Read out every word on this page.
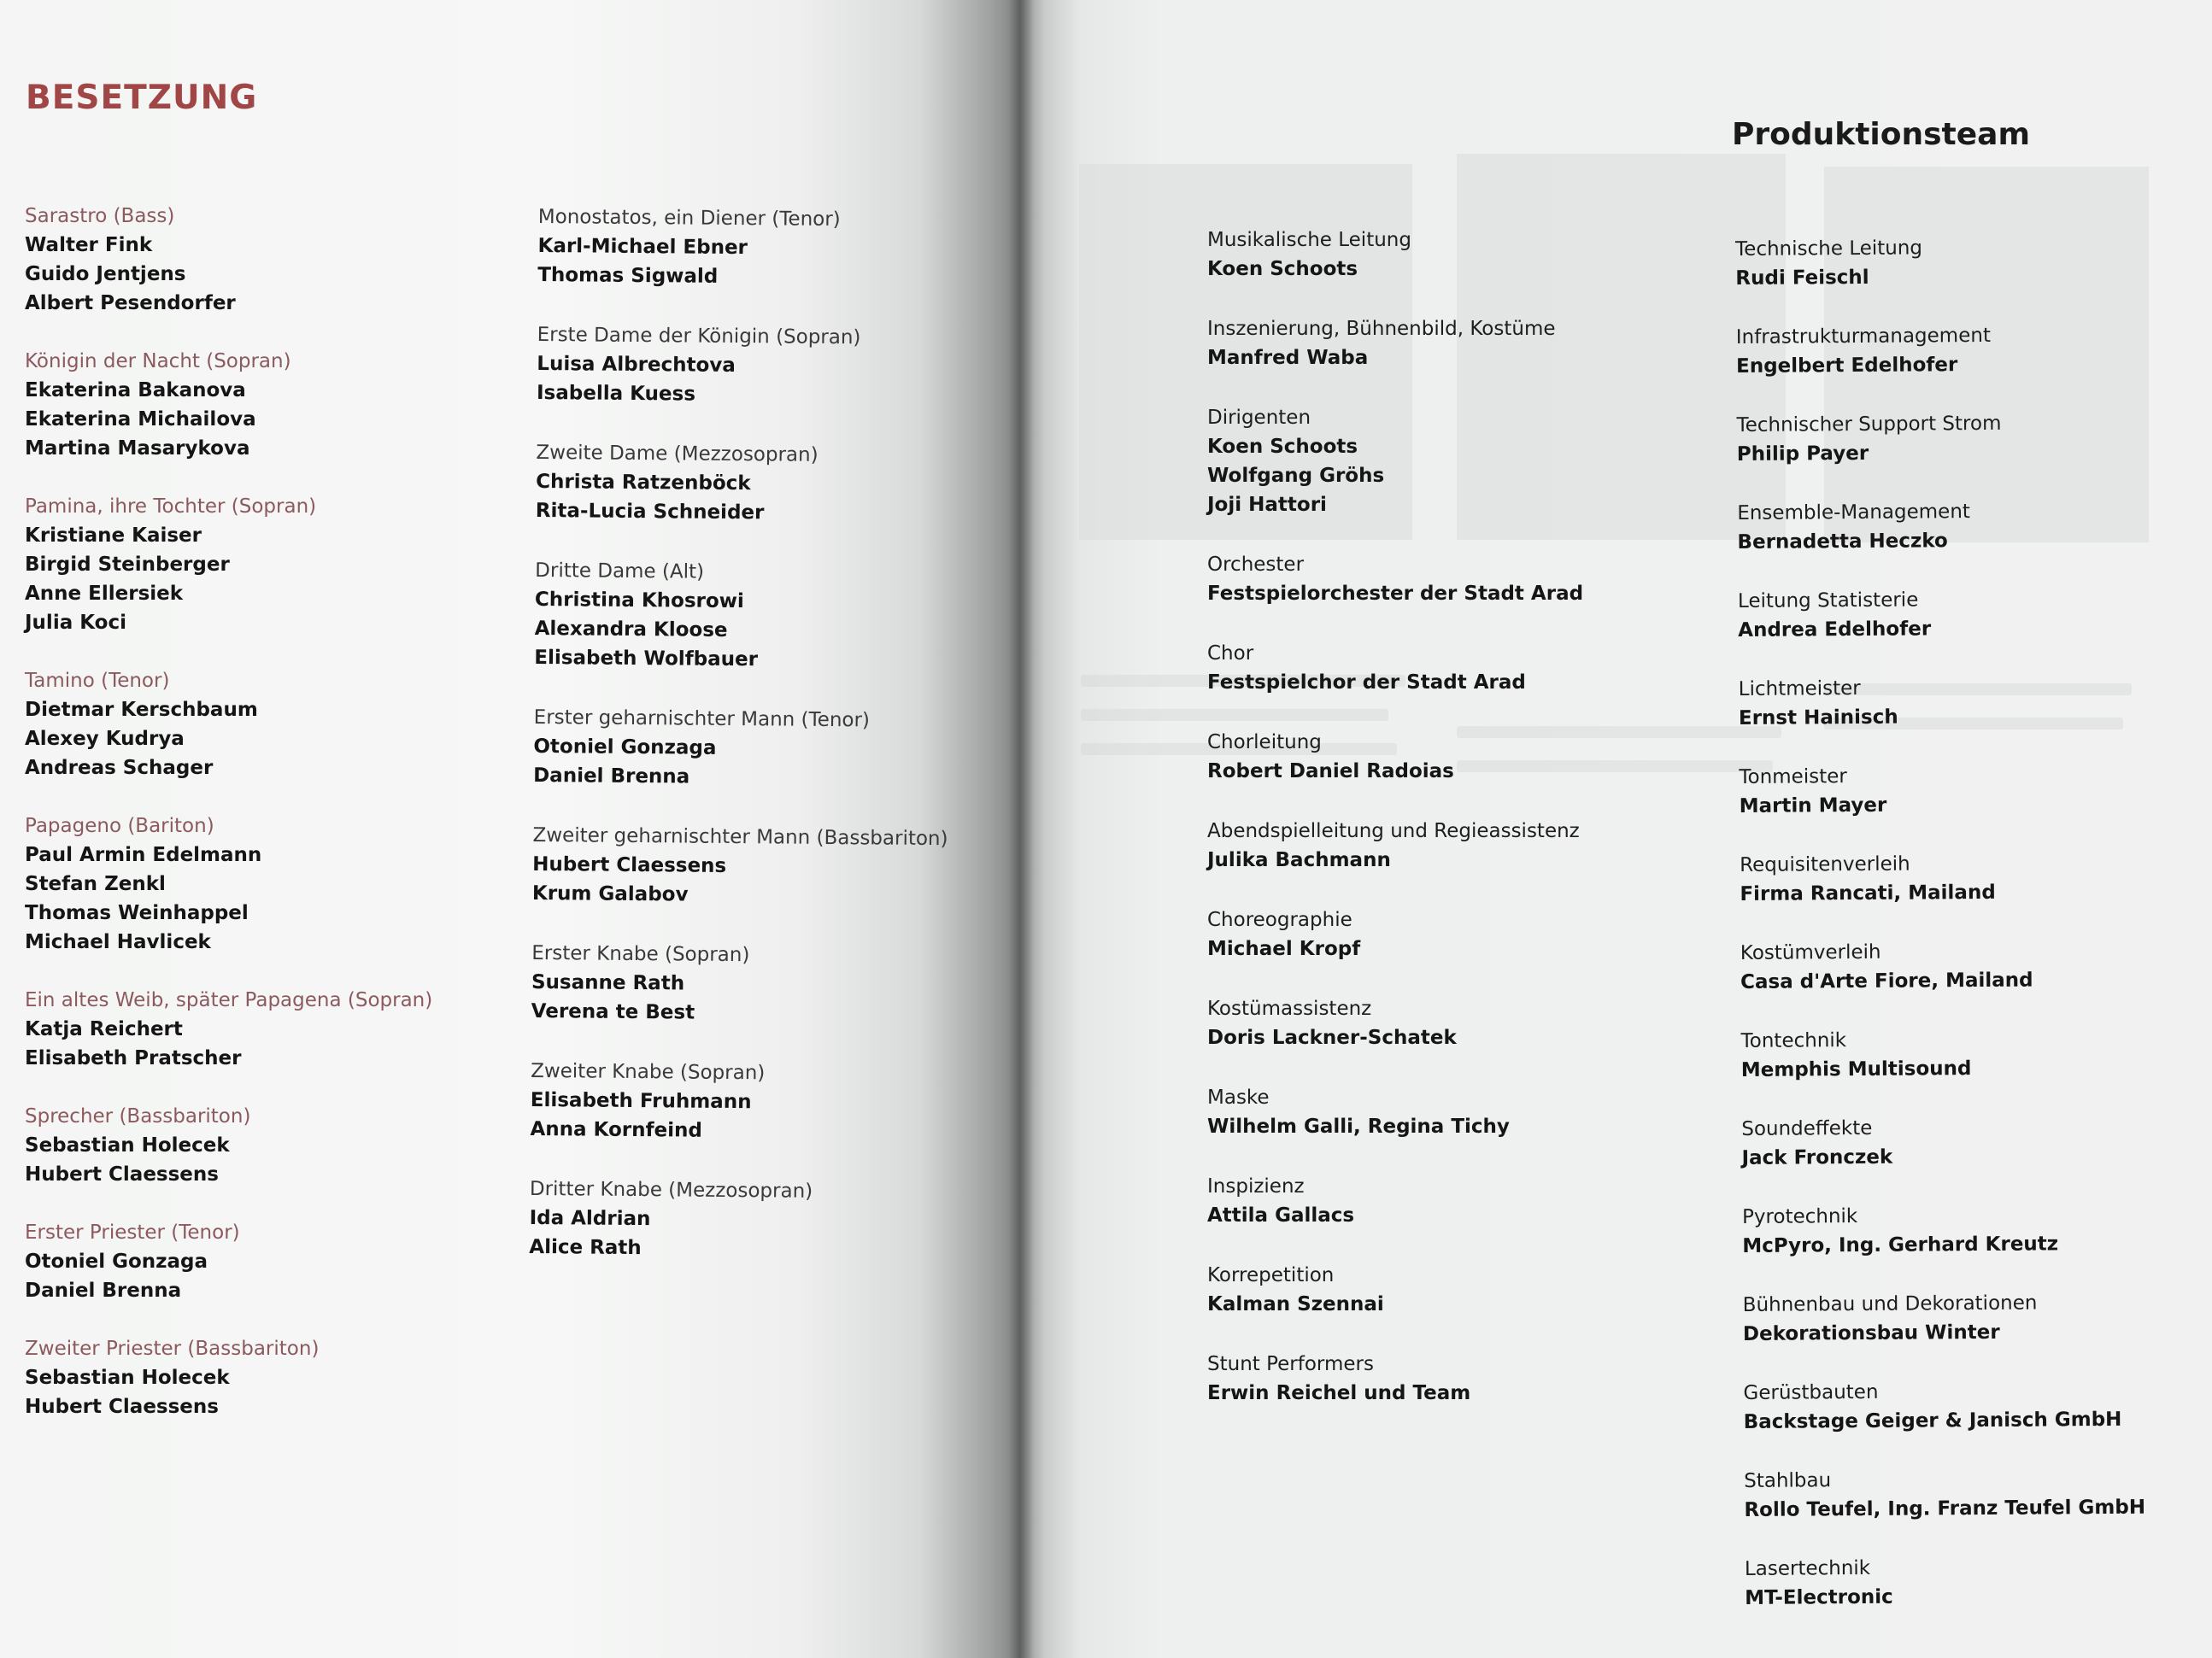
BESETZUNG
Produktionsteam
Sarastro (Bass)
Walter Fink
Guido Jentjens
Albert Pesendorfer
Königin der Nacht (Sopran)
Ekaterina Bakanova
Ekaterina Michailova
Martina Masarykova
Pamina, ihre Tochter (Sopran)
Kristiane Kaiser
Birgid Steinberger
Anne Ellersiek
Julia Koci
Tamino (Tenor)
Dietmar Kerschbaum
Alexey Kudrya
Andreas Schager
Papageno (Bariton)
Paul Armin Edelmann
Stefan Zenkl
Thomas Weinhappel
Michael Havlicek
Ein altes Weib, später Papagena (Sopran)
Katja Reichert
Elisabeth Pratscher
Sprecher (Bassbariton)
Sebastian Holecek
Hubert Claessens
Erster Priester (Tenor)
Otoniel Gonzaga
Daniel Brenna
Zweiter Priester (Bassbariton)
Sebastian Holecek
Hubert Claessens
Monostatos, ein Diener (Tenor)
Karl-Michael Ebner
Thomas Sigwald
Erste Dame der Königin (Sopran)
Luisa Albrechtova
Isabella Kuess
Zweite Dame (Mezzosopran)
Christa Ratzenböck
Rita-Lucia Schneider
Dritte Dame (Alt)
Christina Khosrowi
Alexandra Kloose
Elisabeth Wolfbauer
Erster geharnischter Mann (Tenor)
Otoniel Gonzaga
Daniel Brenna
Zweiter geharnischter Mann (Bassbariton)
Hubert Claessens
Krum Galabov
Erster Knabe (Sopran)
Susanne Rath
Verena te Best
Zweiter Knabe (Sopran)
Elisabeth Fruhmann
Anna Kornfeind
Dritter Knabe (Mezzosopran)
Ida Aldrian
Alice Rath
Musikalische Leitung
Koen Schoots
Inszenierung, Bühnenbild, Kostüme
Manfred Waba
Dirigenten
Koen Schoots
Wolfgang Gröhs
Joji Hattori
Orchester
Festspielorchester der Stadt Arad
Chor
Festspielchor der Stadt Arad
Chorleitung
Robert Daniel Radoias
Abendspielleitung und Regieassistenz
Julika Bachmann
Choreographie
Michael Kropf
Kostümassistenz
Doris Lackner-Schatek
Maske
Wilhelm Galli, Regina Tichy
Inspizienz
Attila Gallacs
Korrepetition
Kalman Szennai
Stunt Performers
Erwin Reichel und Team
Technische Leitung
Rudi Feischl
Infrastrukturmanagement
Engelbert Edelhofer
Technischer Support Strom
Philip Payer
Ensemble-Management
Bernadetta Heczko
Leitung Statisterie
Andrea Edelhofer
Lichtmeister
Ernst Hainisch
Tonmeister
Martin Mayer
Requisitenverleih
Firma Rancati, Mailand
Kostümverleih
Casa d'Arte Fiore, Mailand
Tontechnik
Memphis Multisound
Soundeffekte
Jack Fronczek
Pyrotechnik
McPyro, Ing. Gerhard Kreutz
Bühnenbau und Dekorationen
Dekorationsbau Winter
Gerüstbauten
Backstage Geiger & Janisch GmbH
Stahlbau
Rollo Teufel, Ing. Franz Teufel GmbH
Lasertechnik
MT-Electronic
